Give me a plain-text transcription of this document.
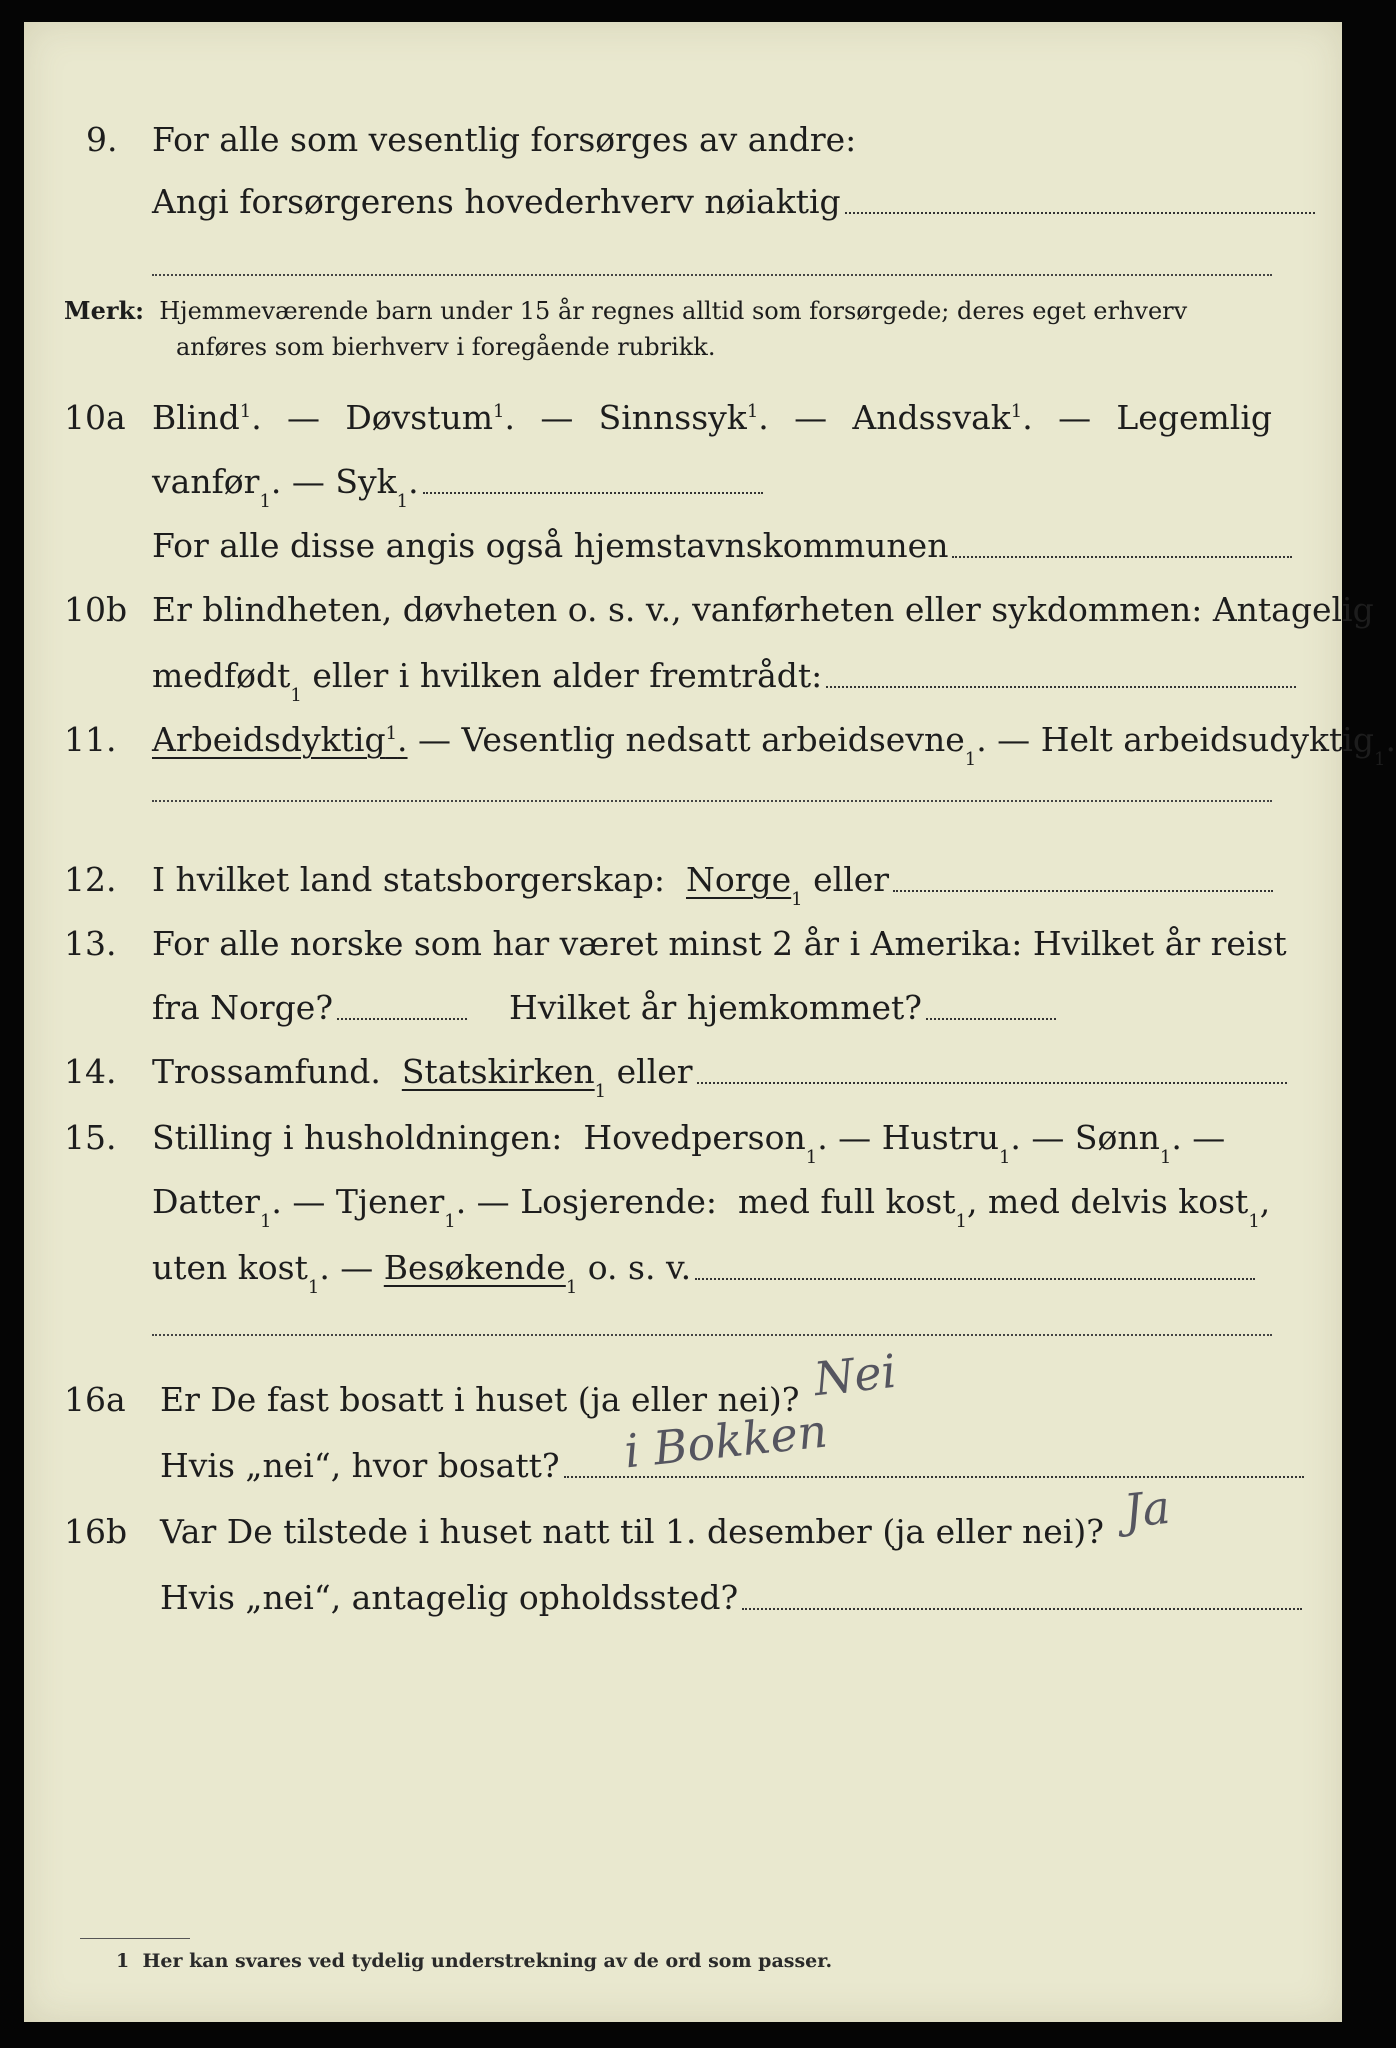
9. For alle som vesentlig forsørges av andre:
Angi forsørgerens hovederhverv nøiaktig
Merk:
Hjemmeværende barn under 15 år regnes alltid som forsørgede; deres eget erhverv
anføres som bierhverv i foregående rubrikk.
10a Blind$^1$. — Døvstum$^1$. — Sinnssyk$^1$. — Andssvak$^1$. — Legemlig
vanfør
1
. — Syk
1
.
For alle disse angis også hjemstavnskommunen
10b Er blindheten, døvheten o. s. v., vanførheten eller sykdommen: Antagelig
medfødt
1

eller i hvilken alder fremtrådt:
11. Arbeidsdyktig$^1$. — Vesentlig nedsatt arbeidsevne
1
. — Helt arbeidsudyktig
1
.
12. I hvilket land statsborgerskap:
Norge
1

eller
13. For alle norske som har været minst 2 år i Amerika: Hvilket år reist
fra Norge?
	Hvilket år hjemkommet?
14. Trossamfund.
Statskirken
1

eller
15. Stilling i husholdningen:
Hovedperson
1
. — Hustru
1
. — Sønn
1
. —
Datter
1
. — Tjener
1
. — Losjerende:
med full kost
1
, med delvis kost
1
,
uten kost
1
. — Besøkende
1

o. s. v.
16a Er De fast bosatt i huset (ja eller nei)? Nei
Hvis „nei“, hvor bosatt? i Bokken
16b Var De tilstede i huset natt til 1. desember (ja eller nei)? Ja
Hvis „nei“, antagelig opholdssted?
1 Her kan svares ved tydelig understrekning av de ord som passer.
